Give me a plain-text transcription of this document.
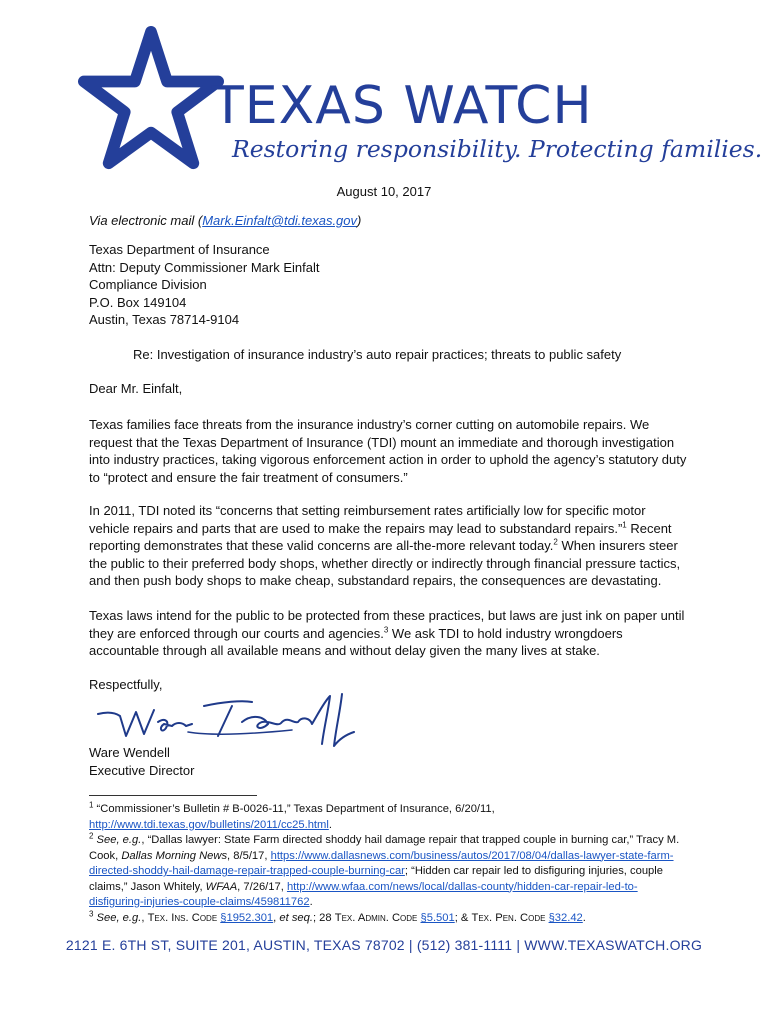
TEXAS WATCH
Restoring responsibility. Protecting families.
August 10, 2017
Via electronic mail (Mark.Einfalt@tdi.texas.gov)
Texas Department of Insurance
Attn: Deputy Commissioner Mark Einfalt
Compliance Division
P.O. Box 149104
Austin, Texas 78714-9104
Re: Investigation of insurance industry’s auto repair practices; threats to public safety
Dear Mr. Einfalt,
Texas families face threats from the insurance industry’s corner cutting on automobile repairs. We request that the Texas Department of Insurance (TDI) mount an immediate and thorough investigation into industry practices, taking vigorous enforcement action in order to uphold the agency’s statutory duty to “protect and ensure the fair treatment of consumers.”
In 2011, TDI noted its “concerns that setting reimbursement rates artificially low for specific motor vehicle repairs and parts that are used to make the repairs may lead to substandard repairs.”$^1$ Recent reporting demonstrates that these valid concerns are all-the-more relevant today.$^2$ When insurers steer the public to their preferred body shops, whether directly or indirectly through financial pressure tactics, and then push body shops to make cheap, substandard repairs, the consequences are devastating.
Texas laws intend for the public to be protected from these practices, but laws are just ink on paper until they are enforced through our courts and agencies.$^3$ We ask TDI to hold industry wrongdoers accountable through all available means and without delay given the many lives at stake.
Respectfully,
Ware Wendell
Executive Director

$^1$ “Commissioner’s Bulletin # B-0026-11,” Texas Department of Insurance, 6/20/11,
http://www.tdi.texas.gov/bulletins/2011/cc25.html.

$^2$ See, e.g., “Dallas lawyer: State Farm directed shoddy hail damage repair that trapped couple in burning car,” Tracy M. Cook, Dallas Morning News, 8/5/17, https://www.dallasnews.com/business/autos/2017/08/04/dallas-lawyer-state-farm-directed-shoddy-hail-damage-repair-trapped-couple-burning-car; “Hidden car repair led to disfiguring injuries, couple claims,” Jason Whitely, WFAA, 7/26/17, http://www.wfaa.com/news/local/dallas-county/hidden-car-repair-led-to-disfiguring-injuries-couple-claims/459811762.

$^3$ See, e.g., Tex. Ins. Code §1952.301, et seq.; 28 Tex. Admin. Code §5.501; & Tex. Pen. Code §32.42.

2121 E. 6TH ST, SUITE 201, AUSTIN, TEXAS 78702 | (512) 381-1111 | WWW.TEXASWATCH.ORG
